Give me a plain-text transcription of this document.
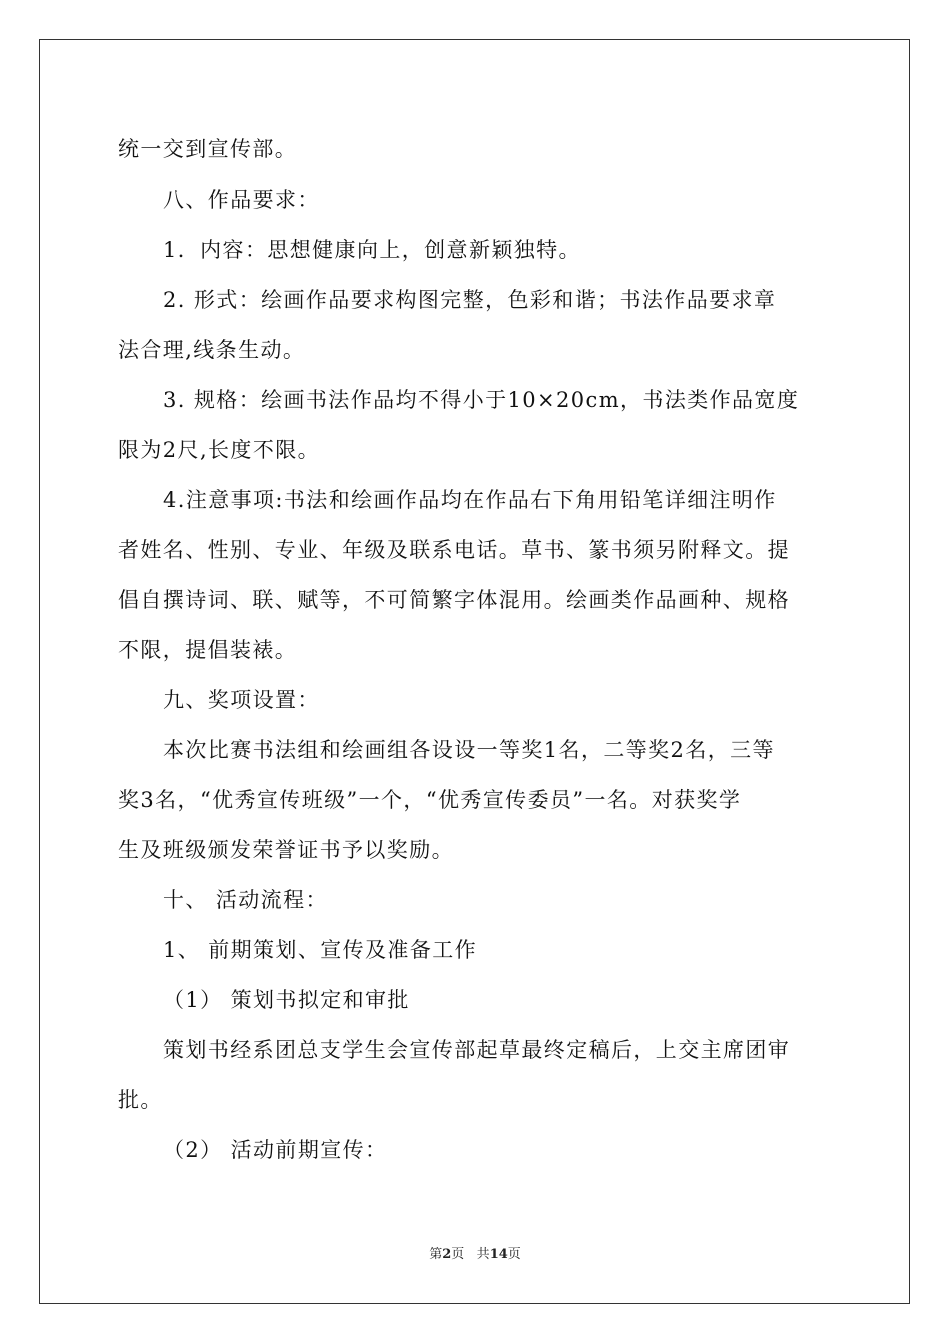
统一交到宣传部。
八、作品要求：
1．内容：思想健康向上，创意新颖独特。
2. 形式：绘画作品要求构图完整，色彩和谐；书法作品要求章
法合理,线条生动。
3. 规格：绘画书法作品均不得小于10×20cm，书法类作品宽度
限为2尺,长度不限。
4.注意事项:书法和绘画作品均在作品右下角用铅笔详细注明作
者姓名、性别、专业、年级及联系电话。草书、篆书须另附释文。提
倡自撰诗词、联、赋等，不可简繁字体混用。绘画类作品画种、规格
不限，提倡装裱。
九、奖项设置：
本次比赛书法组和绘画组各设设一等奖1名，二等奖2名，三等
奖3名，“优秀宣传班级”一个，“优秀宣传委员”一名。对获奖学
生及班级颁发荣誉证书予以奖励。
十、 活动流程：
1、 前期策划、宣传及准备工作
（1） 策划书拟定和审批
策划书经系团总支学生会宣传部起草最终定稿后，上交主席团审
批。
（2） 活动前期宣传：
第2页 共14页
